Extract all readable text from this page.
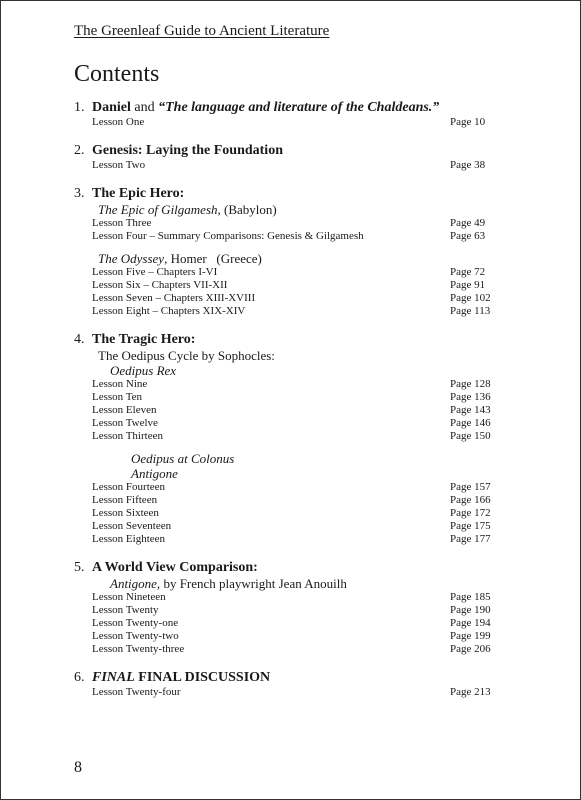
The Greenleaf Guide to Ancient Literature
Contents
1. Daniel and “The language and literature of the Chaldeans.”
Lesson One	Page 10
2. Genesis: Laying the Foundation
Lesson Two	Page 38
3. The Epic Hero:
The Epic of Gilgamesh, (Babylon)
Lesson Three	Page 49
Lesson Four – Summary Comparisons: Genesis & Gilgamesh	Page 63
The Odyssey, Homer   (Greece)
Lesson Five – Chapters I-VI	Page 72
Lesson Six – Chapters VII-XII	Page 91
Lesson Seven – Chapters XIII-XVIII	Page 102
Lesson Eight – Chapters XIX-XIV	Page 113
4. The Tragic Hero:
The Oedipus Cycle by Sophocles:
Oedipus Rex
Lesson Nine	Page 128
Lesson Ten	Page 136
Lesson Eleven	Page 143
Lesson Twelve	Page 146
Lesson Thirteen	Page 150
Oedipus at Colonus
Antigone
Lesson Fourteen	Page 157
Lesson Fifteen	Page 166
Lesson Sixteen	Page 172
Lesson Seventeen	Page 175
Lesson Eighteen	Page 177
5. A World View Comparison:
Antigone, by French playwright Jean Anouilh
Lesson Nineteen	Page 185
Lesson Twenty	Page 190
Lesson Twenty-one	Page 194
Lesson Twenty-two	Page 199
Lesson Twenty-three	Page 206
6. FINAL FINAL DISCUSSION
Lesson Twenty-four	Page 213
8
